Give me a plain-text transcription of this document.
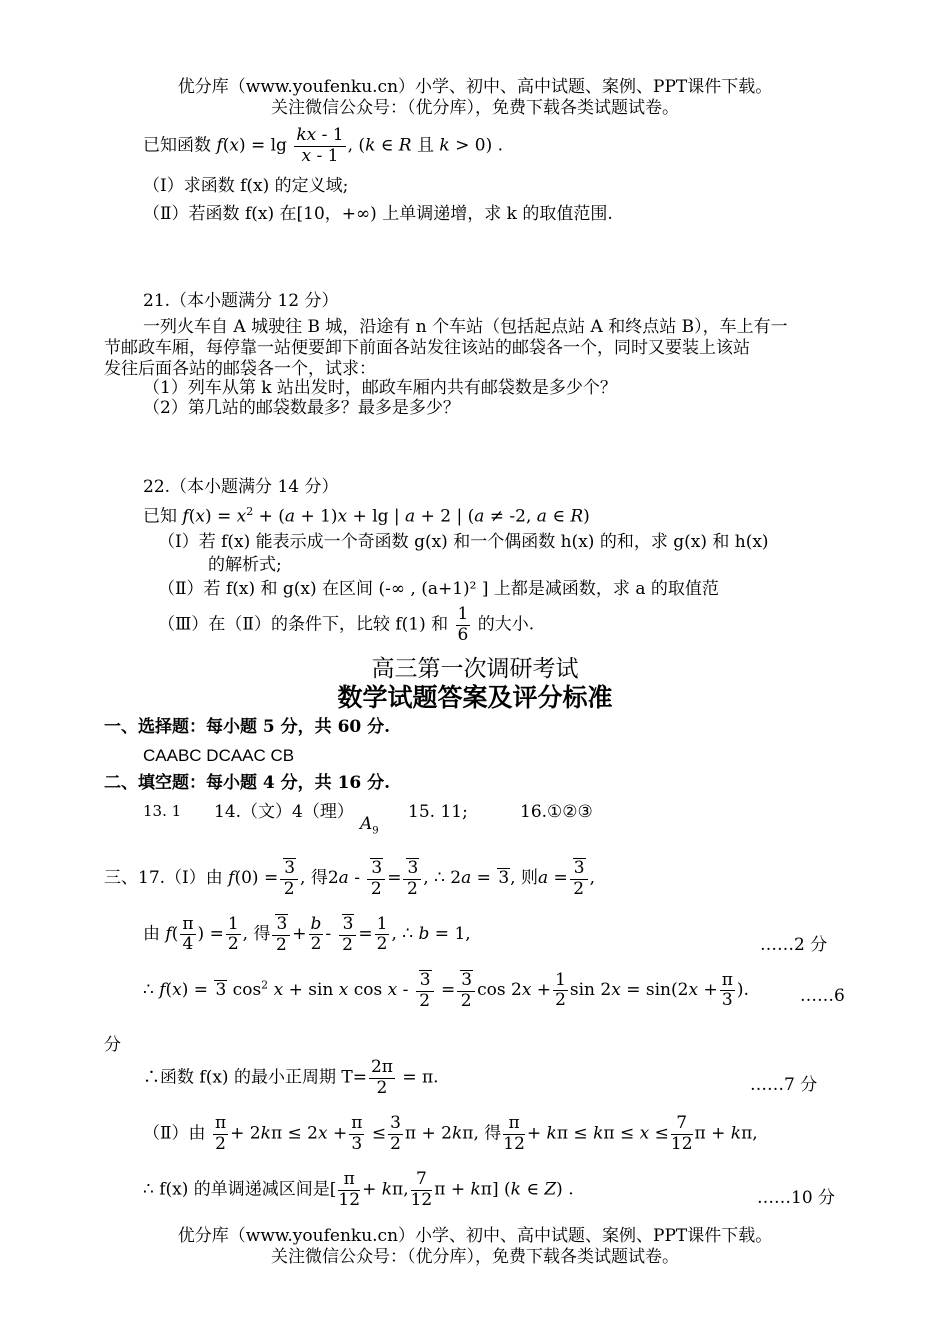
优分库（www.youfenku.cn）小学、初中、高中试题、案例、PPT课件下载。
关注微信公众号：（优分库），免费下载各类试题试卷。
已知函数 $f(x) = \lg \frac{kx - 1}{x - 1}$ , (k ∈ R 且 k > 0) .
（Ⅰ）求函数 f(x) 的定义域;
（Ⅱ）若函数 f(x) 在[10，+∞) 上单调递增，求 k 的取值范围.
21.（本小题满分 12 分）
一列火车自 A 城驶往 B 城，沿途有 n 个车站（包括起点站 A 和终点站 B），车上有一
节邮政车厢，每停靠一站便要卸下前面各站发往该站的邮袋各一个，同时又要装上该站
发往后面各站的邮袋各一个，试求：
（1）列车从第 k 站出发时，邮政车厢内共有邮袋数是多少个？
（2）第几站的邮袋数最多？最多是多少？
22.（本小题满分 14 分）
已知 $f(x) = x^2 + (a + 1)x + \lg$ | a + 2 | (a ≠ -2, a ∈ R)
（Ⅰ）若 f(x) 能表示成一个奇函数 g(x) 和一个偶函数 h(x) 的和，求 g(x) 和 h(x)
的解析式;
（Ⅱ）若 f(x) 和 g(x) 在区间 (-∞ , (a+1)² ] 上都是减函数，求 a 的取值范
（Ⅲ）在（Ⅱ）的条件下，比较 f(1) 和 $\frac{1}{6}$ 的大小.
高三第一次调研考试
数学试题答案及评分标准
一、选择题：每小题 5 分，共 60 分.
CAABC DCAAC CB
二、填空题：每小题 4 分，共 16 分.
13. 1 14.（文）4（理）
$A_9$
15. 11;	16.①②③
三、17.（Ⅰ）由 $f(0) = \frac{3}{2}$ , 得$2a - \frac{3}{2} = \frac{3}{2}$ , ∴ 2a = 3, 则$a = \frac{3}{2}$ ,
由 $f( \frac{\pi}{4}$ ) = $\frac{1}{2}$ , 得 $\frac{3}{2} + \frac{b}{2} - \frac{3}{2} = \frac{1}{2}$ , ∴ b = 1,
……2 分
∴ f(x) = 3 $\cos^2 x + \sin x$ $\cos x - \frac{3}{2} = \frac{3}{2}$ $\cos 2x + \frac{1}{2}$ $\sin 2x = \sin(2x + \frac{\pi}{3}$ ).	……6
分
∴函数 f(x) 的最小正周期 $T= \frac{2\pi}{2} = \pi$.	……7 分
（Ⅱ）由 $\frac{\pi}{2} + 2k\pi \le 2x + \frac{\pi}{3} \le \frac{3}{2}$ π + 2kπ, 得 $\frac{\pi}{12} + k\pi \le k\pi \le x \le \frac{7}{12}$ π + kπ,
∴ f(x) 的单调递减区间是[ $\frac{\pi}{12} + k\pi$, $\frac{7}{12}$ π + kπ] (k ∈ Z) .	……10 分
优分库（www.youfenku.cn）小学、初中、高中试题、案例、PPT课件下载。
关注微信公众号：（优分库），免费下载各类试题试卷。
